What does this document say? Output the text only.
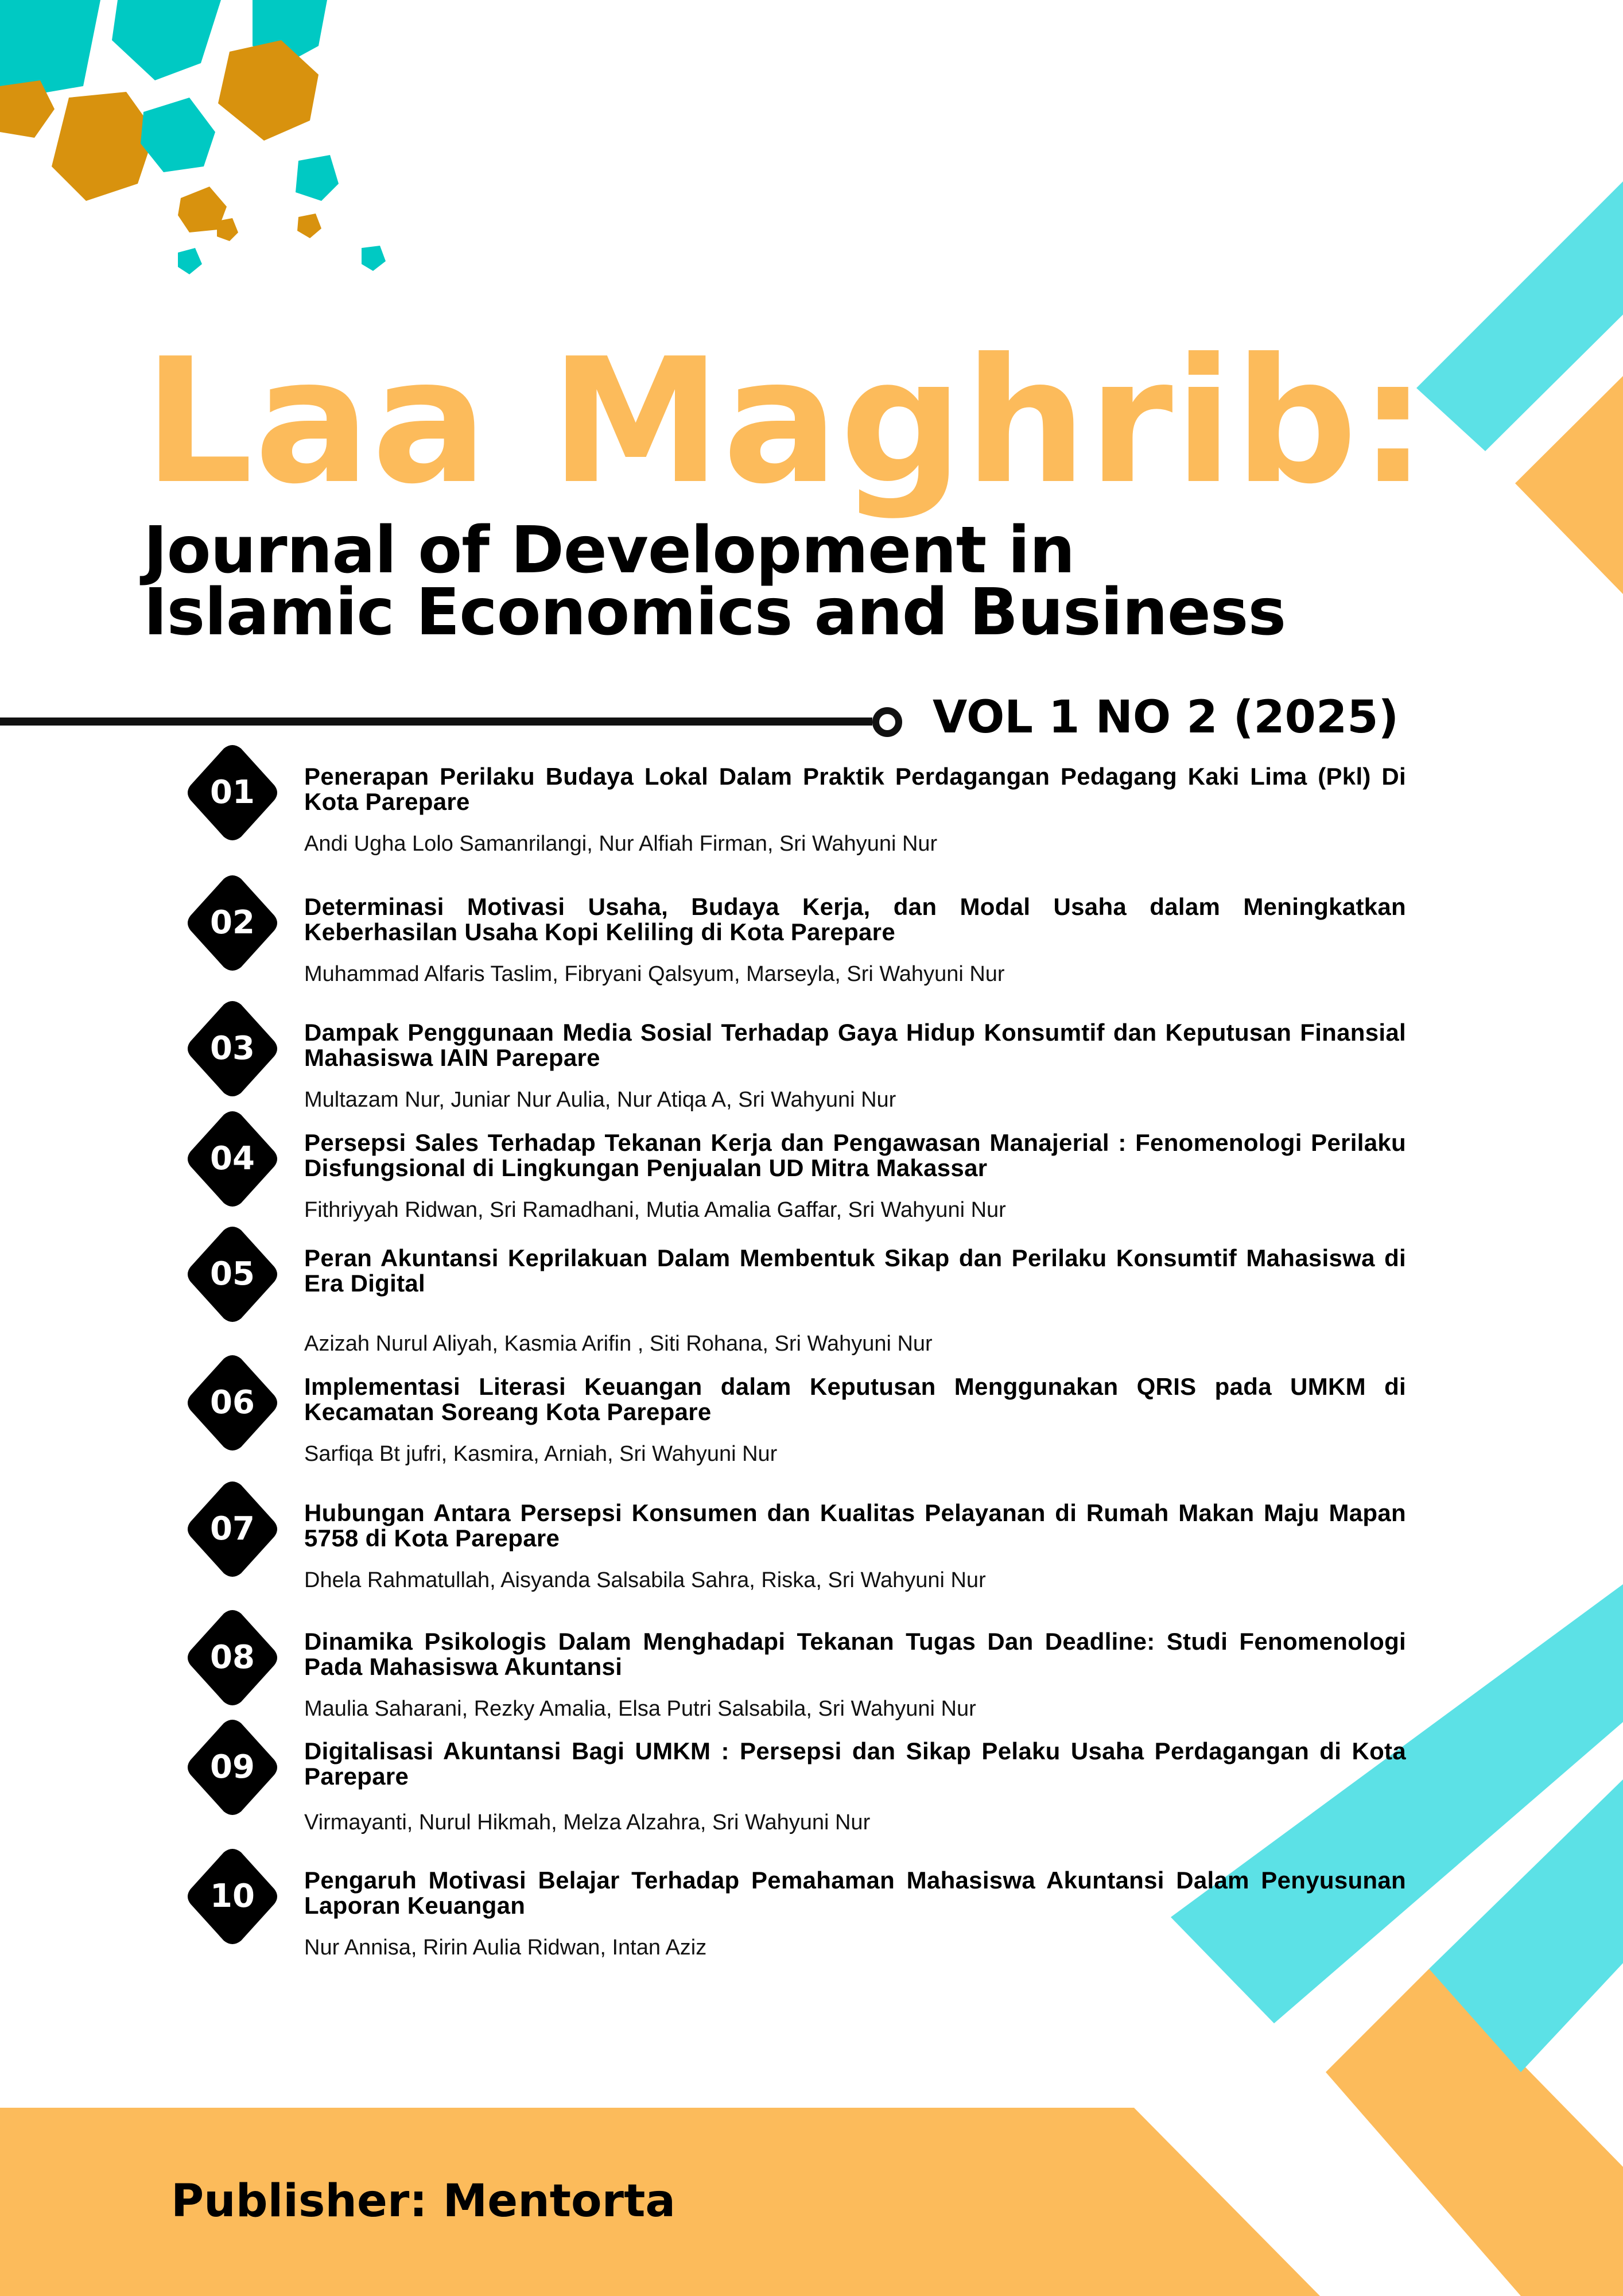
Laa Maghrib:
Journal of Development in
Islamic Economics and Business
VOL 1 NO 2 (2025)
01	Penerapan Perilaku Budaya Lokal Dalam Praktik Perdagangan Pedagang Kaki Lima (Pkl) Di Kota Parepare
Andi Ugha Lolo Samanrilangi, Nur Alfiah Firman, Sri Wahyuni Nur
02	Determinasi Motivasi Usaha, Budaya Kerja, dan Modal Usaha dalam Meningkatkan Keberhasilan Usaha Kopi Keliling di Kota Parepare
Muhammad Alfaris Taslim, Fibryani Qalsyum, Marseyla, Sri Wahyuni Nur
03	Dampak Penggunaan Media Sosial Terhadap Gaya Hidup Konsumtif dan Keputusan Finansial Mahasiswa IAIN Parepare
Multazam Nur, Juniar Nur Aulia, Nur Atiqa A, Sri Wahyuni Nur
04	Persepsi Sales Terhadap Tekanan Kerja dan Pengawasan Manajerial : Fenomenologi Perilaku Disfungsional di Lingkungan Penjualan UD Mitra Makassar
Fithriyyah Ridwan, Sri Ramadhani, Mutia Amalia Gaffar, Sri Wahyuni Nur
05	Peran Akuntansi Keprilakuan Dalam Membentuk Sikap dan Perilaku Konsumtif Mahasiswa di Era Digital
Azizah Nurul Aliyah, Kasmia Arifin , Siti Rohana, Sri Wahyuni Nur
06	Implementasi Literasi Keuangan dalam Keputusan Menggunakan QRIS pada UMKM di Kecamatan Soreang Kota Parepare
Sarfiqa Bt jufri, Kasmira, Arniah, Sri Wahyuni Nur
07	Hubungan Antara Persepsi Konsumen dan Kualitas Pelayanan di Rumah Makan Maju Mapan 5758 di Kota Parepare
Dhela Rahmatullah, Aisyanda Salsabila Sahra, Riska, Sri Wahyuni Nur
08	Dinamika Psikologis Dalam Menghadapi Tekanan Tugas Dan Deadline: Studi Fenomenologi Pada Mahasiswa Akuntansi
Maulia Saharani, Rezky Amalia, Elsa Putri Salsabila, Sri Wahyuni Nur
09	Digitalisasi Akuntansi Bagi UMKM : Persepsi dan Sikap Pelaku Usaha Perdagangan di Kota Parepare
Virmayanti, Nurul Hikmah, Melza Alzahra, Sri Wahyuni Nur
10	Pengaruh Motivasi Belajar Terhadap Pemahaman Mahasiswa Akuntansi Dalam Penyusunan Laporan Keuangan
Nur Annisa, Ririn Aulia Ridwan, Intan Aziz
Publisher: Mentorta
